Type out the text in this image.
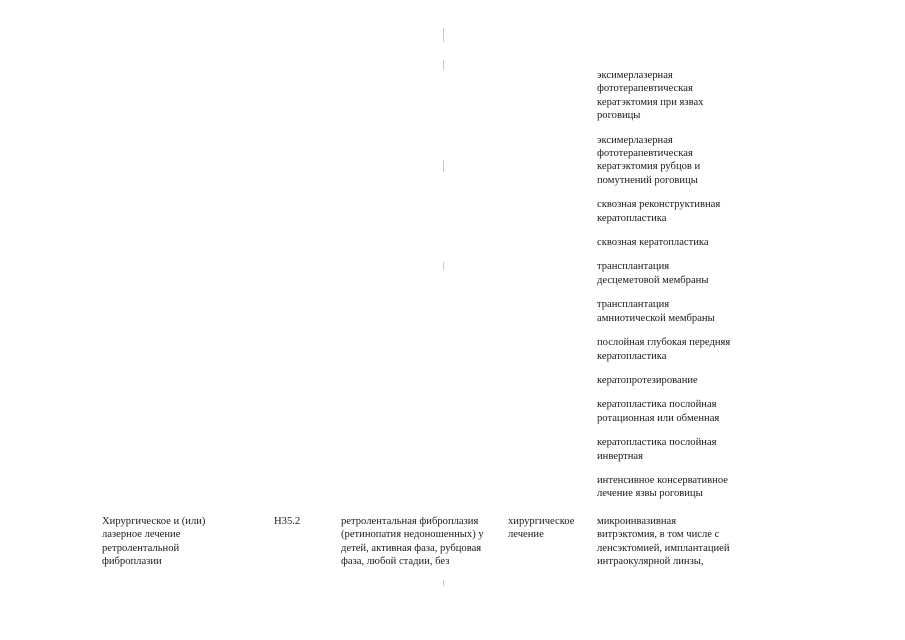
эксимерлазерная
фототерапевтическая
кератэктомия при язвах
роговицы

эксимерлазерная
фототерапевтическая
кератэктомия рубцов и
помутнений роговицы

сквозная реконструктивная
кератопластика

сквозная кератопластика

трансплантация
десцеметовой мембраны

трансплантация
амниотической мембраны

послойная глубокая передняя
кератопластика

кератопротезирование

кератопластика послойная
ротационная или обменная

кератопластика послойная
инвертная

интенсивное консервативное
лечение язвы роговицы

Хирургическое и (или)
лазерное лечение
ретролентальной
фиброплазии
H35.2	ретролентальная фиброплазия
(ретинопатия недоношенных) у
детей, активная фаза, рубцовая
фаза, любой стадии, без
хирургическое
лечение
микроинвазивная
витрэктомия, в том числе с
ленсэктомией, имплантацией
интраокулярной линзы,
